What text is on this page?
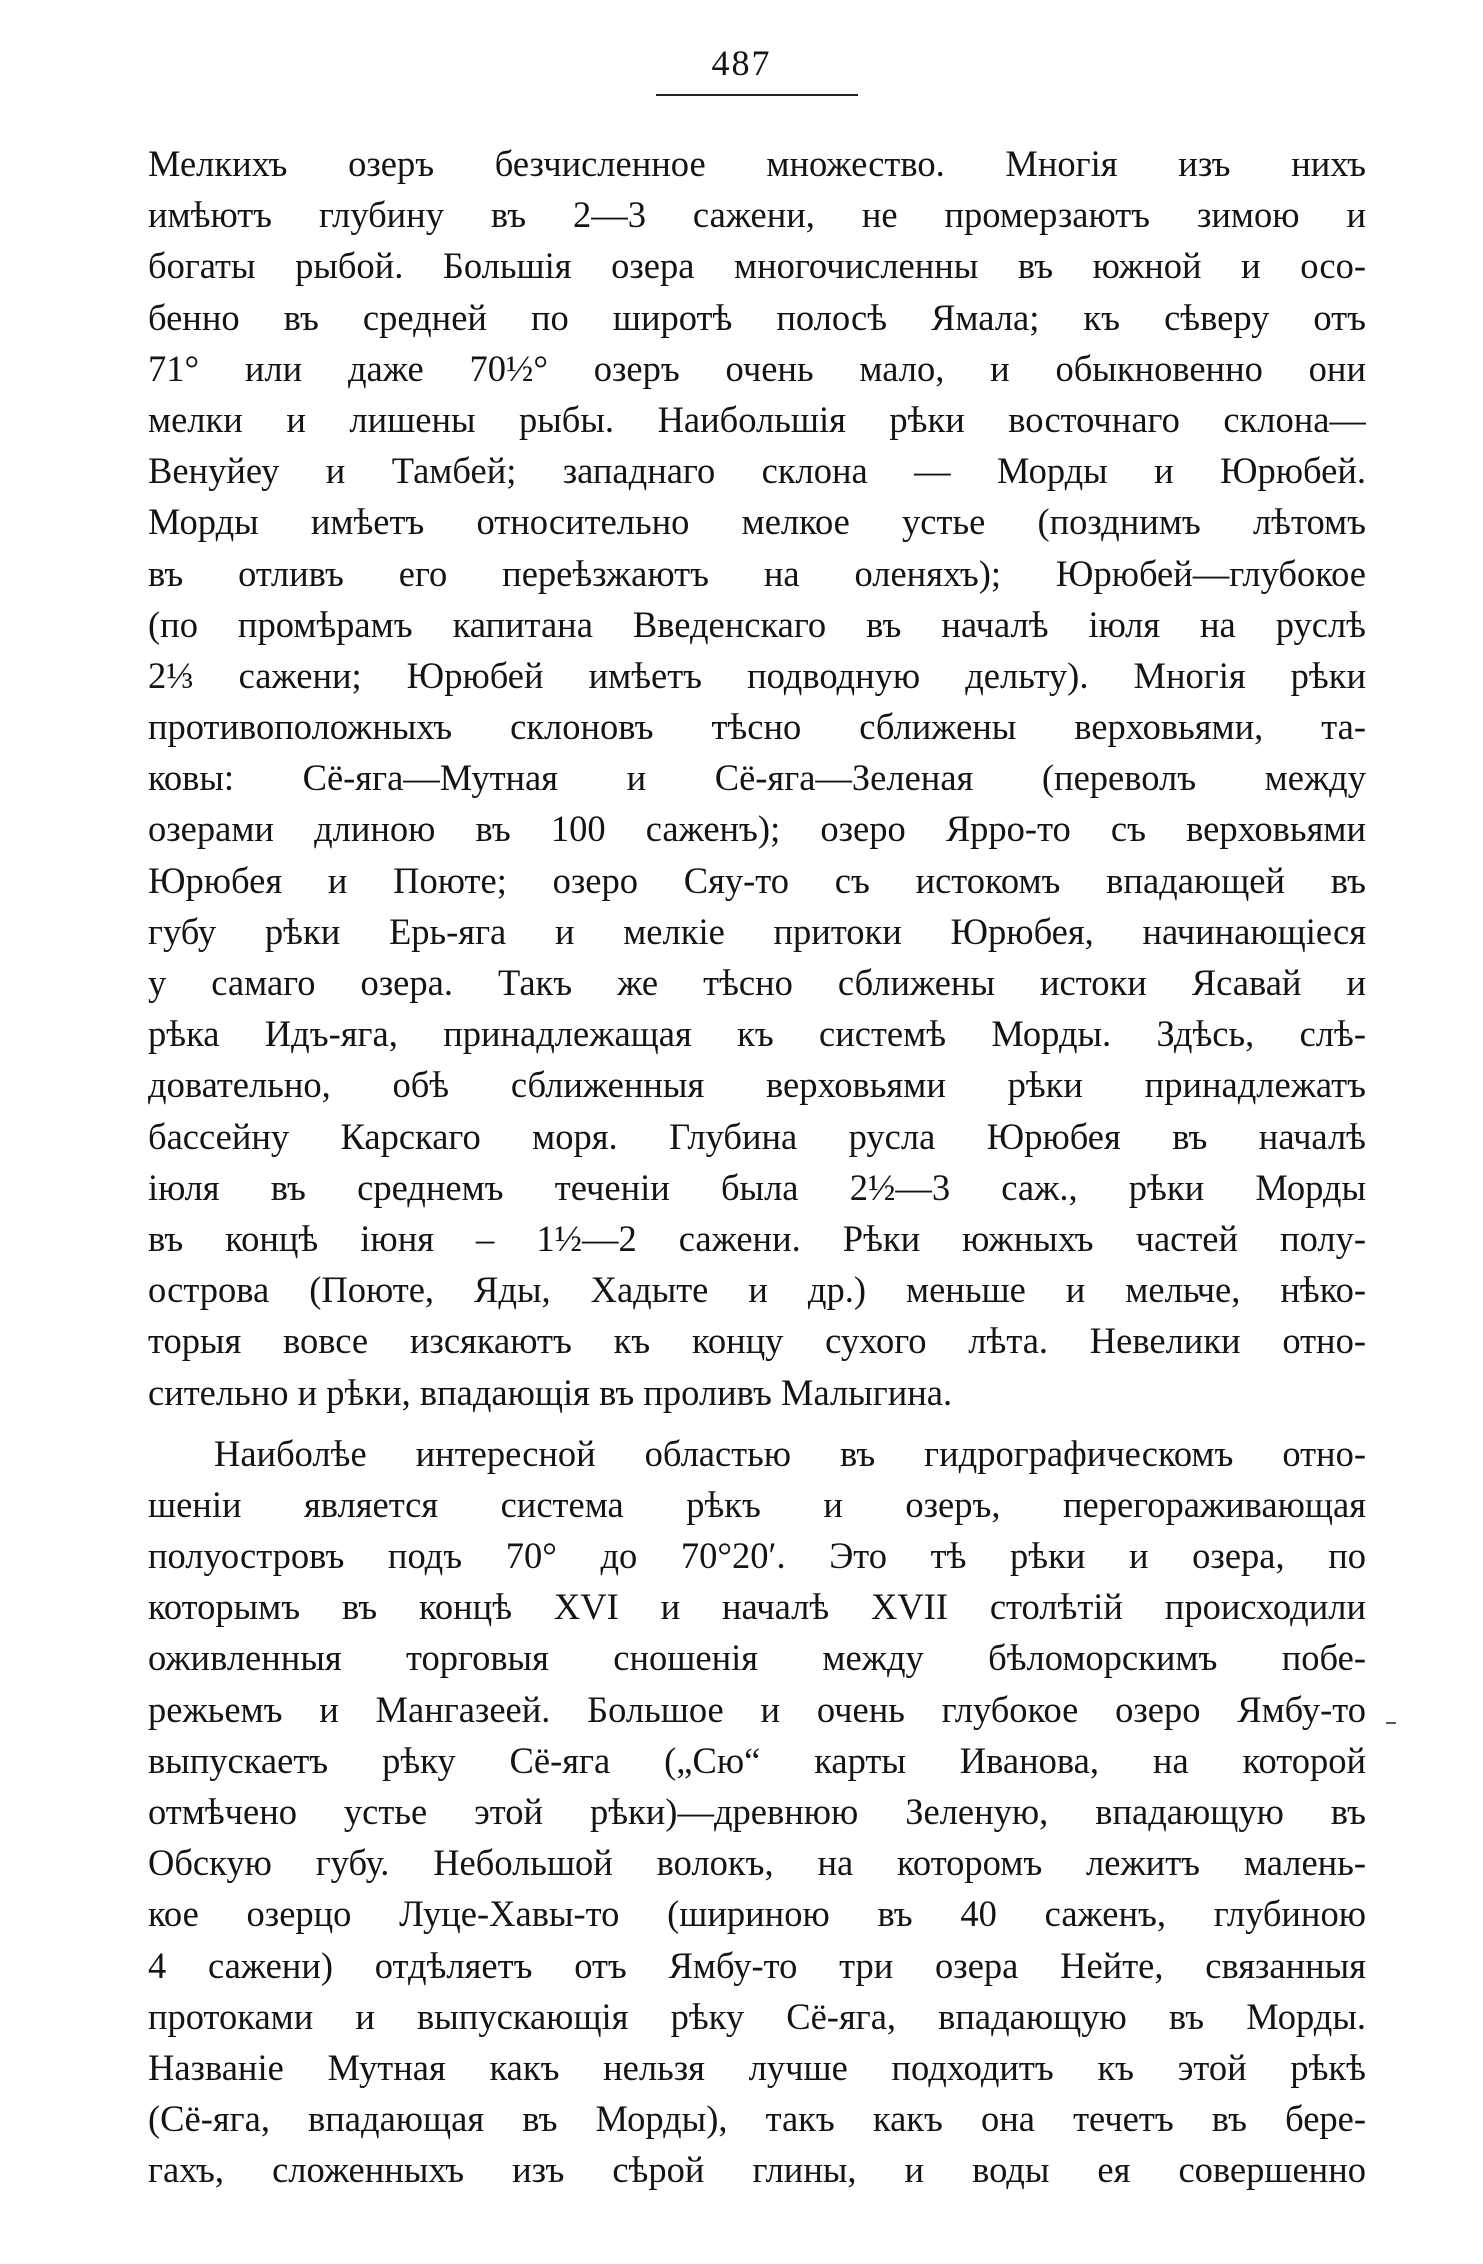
487
Мелкихъ озеръ безчисленное множество. Многія изъ нихъ
имѣютъ глубину въ 2—3 сажени, не промерзаютъ зимою и
богаты рыбой. Большія озера многочисленны въ южной и осо-
бенно въ средней по широтѣ полосѣ Ямала; къ сѣверу отъ
71° или даже 70½° озеръ очень мало, и обыкновенно они
мелки и лишены рыбы. Наибольшія рѣки восточнаго склона—
Венуйеу и Тамбей; западнаго склона — Морды и Юрюбей.
Морды имѣетъ относительно мелкое устье (позднимъ лѣтомъ
въ отливъ его переѣзжаютъ на оленяхъ); Юрюбей—глубокое
(по промѣрамъ капитана Введенскаго въ началѣ іюля на руслѣ
2⅓ сажени; Юрюбей имѣетъ подводную дельту). Многія рѣки
противоположныхъ склоновъ тѣсно сближены верховьями, та-
ковы: Сё-яга—Мутная и Сё-яга—Зеленая (переволъ между
озерами длиною въ 100 саженъ); озеро Ярро-то съ верховьями
Юрюбея и Поюте; озеро Сяу-то съ истокомъ впадающей въ
губу рѣки Ерь-яга и мелкіе притоки Юрюбея, начинающіеся
у самаго озера. Такъ же тѣсно сближены истоки Ясавай и
рѣка Идъ-яга, принадлежащая къ системѣ Морды. Здѣсь, слѣ-
довательно, обѣ сближенныя верховьями рѣки принадлежатъ
бассейну Карскаго моря. Глубина русла Юрюбея въ началѣ
іюля въ среднемъ теченіи была 2½—3 саж., рѣки Морды
въ концѣ іюня – 1½—2 сажени. Рѣки южныхъ частей полу-
острова (Поюте, Яды, Хадыте и др.) меньше и мельче, нѣко-
торыя вовсе изсякаютъ къ концу сухого лѣта. Невелики отно-
сительно и рѣки, впадающія въ проливъ Малыгина.
Наиболѣе интересной областью въ гидрографическомъ отно-
шеніи является система рѣкъ и озеръ, перегораживающая
полуостровъ подъ 70° до 70°20′. Это тѣ рѣки и озера, по
которымъ въ концѣ XVI и началѣ XVII столѣтій происходили
оживленныя торговыя сношенія между бѣломорскимъ побе-
режьемъ и Мангазеей. Большое и очень глубокое озеро Ямбу-то
выпускаетъ рѣку Сё-яга („Сю“ карты Иванова, на которой
отмѣчено устье этой рѣки)—древнюю Зеленую, впадающую въ
Обскую губу. Небольшой волокъ, на которомъ лежитъ малень-
кое озерцо Луце-Хавы-то (шириною въ 40 саженъ, глубиною
4 сажени) отдѣляетъ отъ Ямбу-то три озера Нейте, связанныя
протоками и выпускающія рѣку Сё-яга, впадающую въ Морды.
Названіе Мутная какъ нельзя лучше подходитъ къ этой рѣкѣ
(Сё-яга, впадающая въ Морды), такъ какъ она течетъ въ бере-
гахъ, сложенныхъ изъ сѣрой глины, и воды ея совершенно
